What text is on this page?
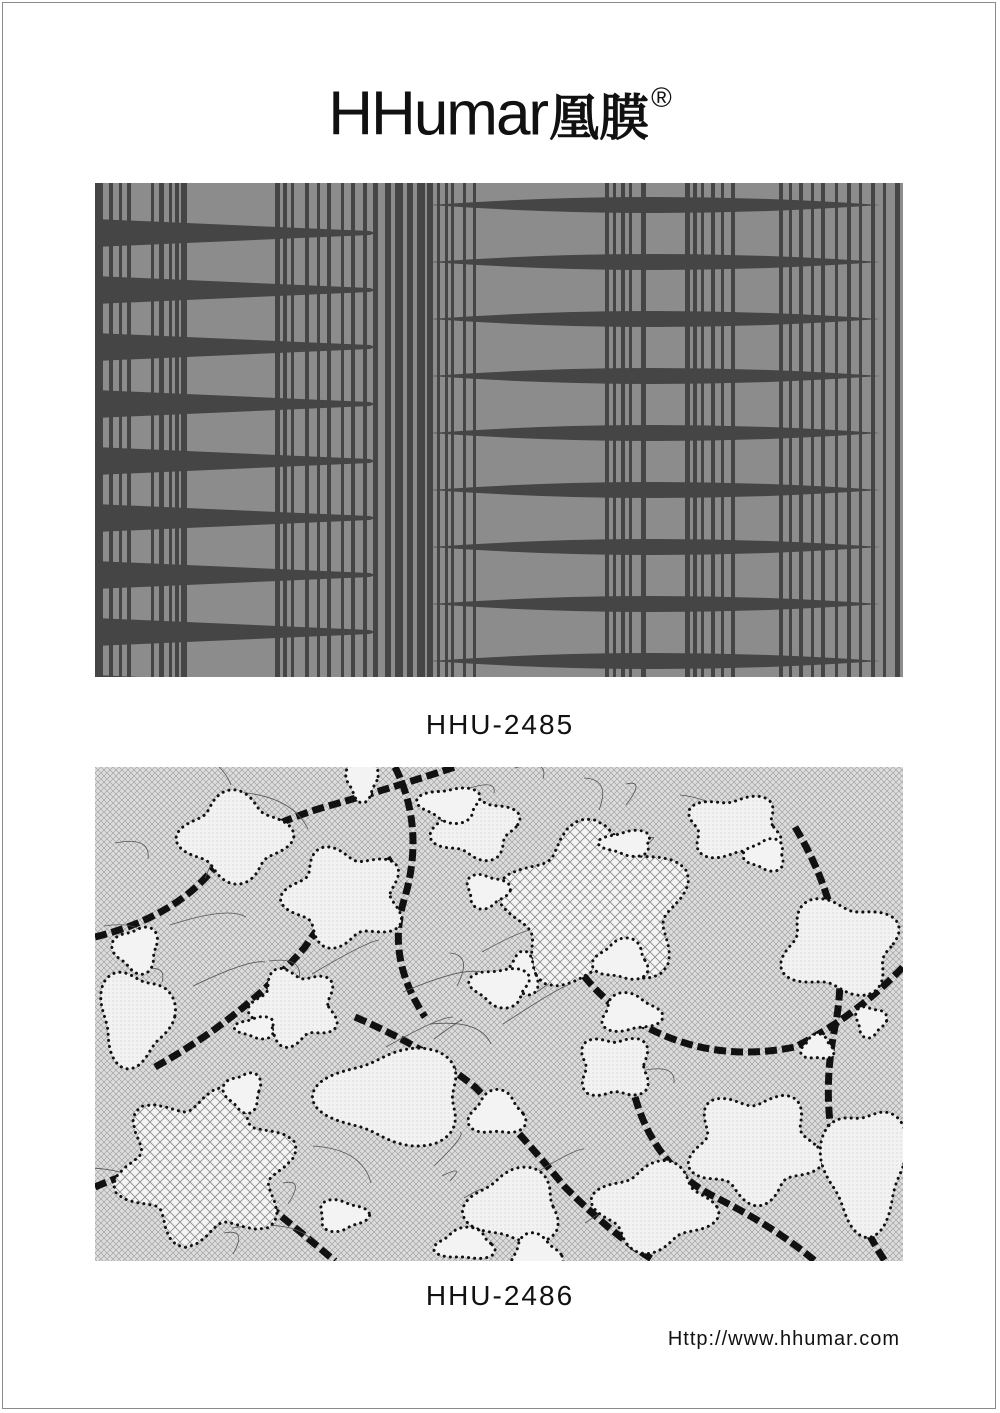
HHumar凰膜®
HHU-2485
HHU-2486
Http://www.hhumar.com
